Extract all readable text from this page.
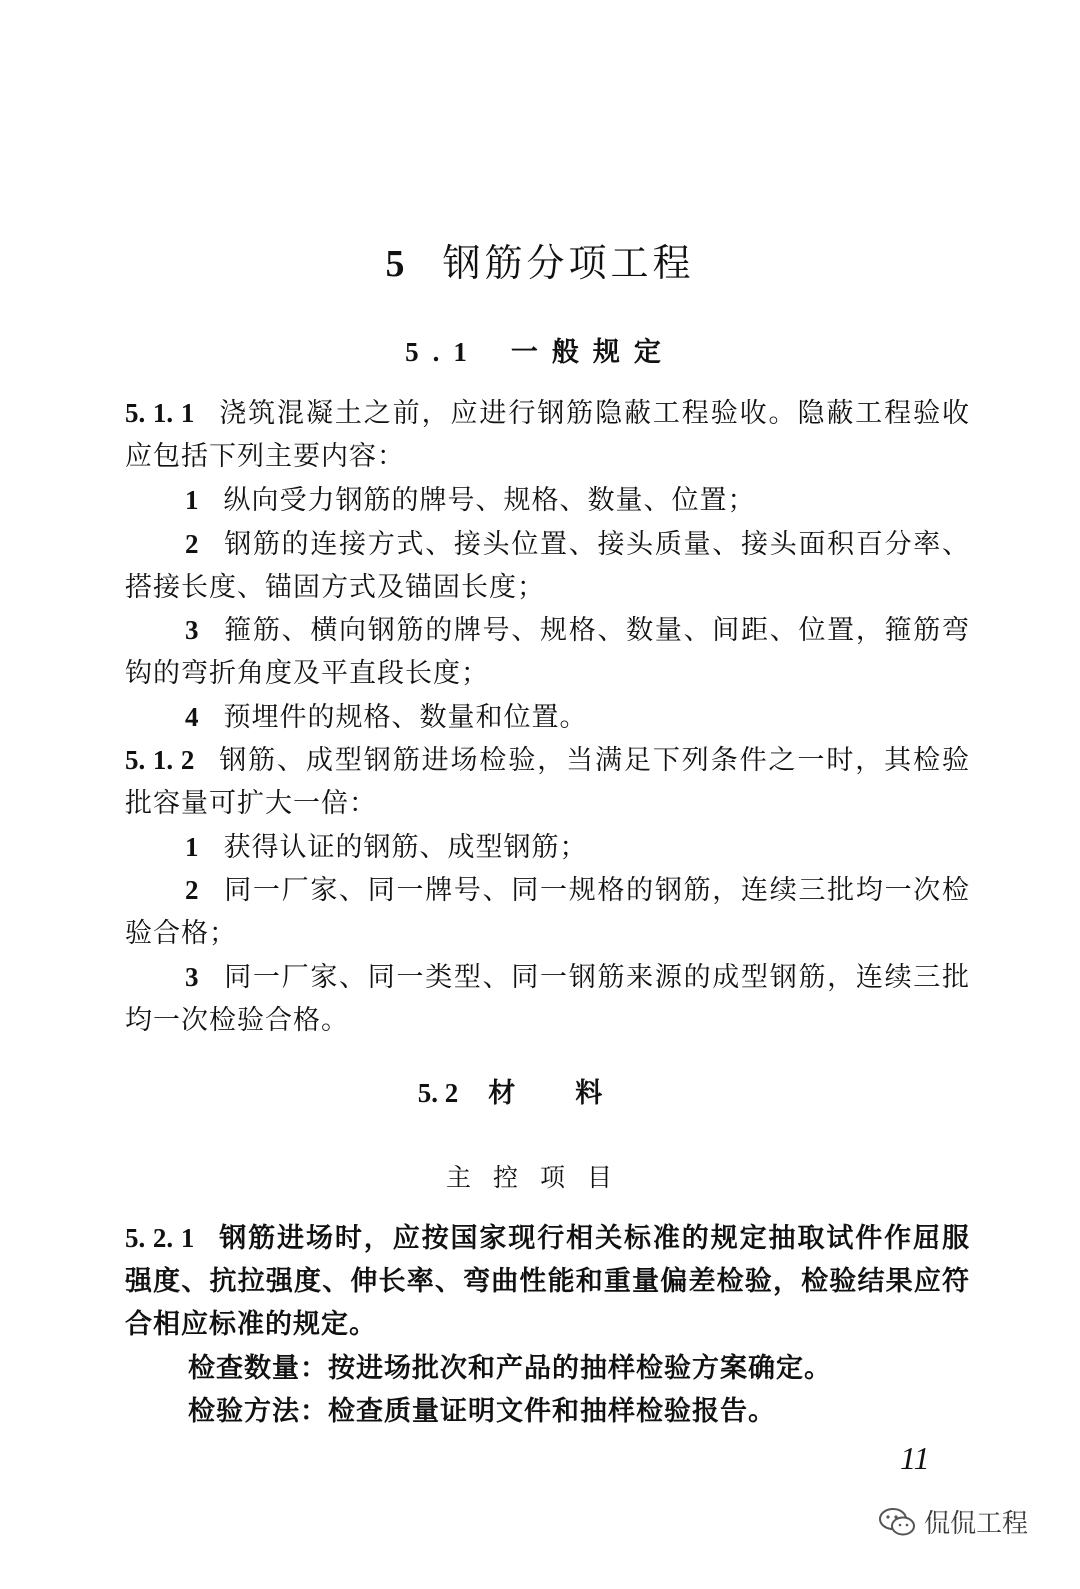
5 钢筋分项工程
5.1 一般规定
5. 1. 1 浇筑混凝土之前，应进行钢筋隐蔽工程验收。隐蔽工程验收应包括下列主要内容：
1 纵向受力钢筋的牌号、规格、数量、位置；
2 钢筋的连接方式、接头位置、接头质量、接头面积百分率、搭接长度、锚固方式及锚固长度；
3 箍筋、横向钢筋的牌号、规格、数量、间距、位置，箍筋弯钩的弯折角度及平直段长度；
4 预埋件的规格、数量和位置。
5. 1. 2 钢筋、成型钢筋进场检验，当满足下列条件之一时，其检验批容量可扩大一倍：
1 获得认证的钢筋、成型钢筋；
2 同一厂家、同一牌号、同一规格的钢筋，连续三批均一次检验合格；
3 同一厂家、同一类型、同一钢筋来源的成型钢筋，连续三批均一次检验合格。
5. 2 材料
主控项目
5. 2. 1 钢筋进场时，应按国家现行相关标准的规定抽取试件作屈服强度、抗拉强度、伸长率、弯曲性能和重量偏差检验，检验结果应符合相应标准的规定。
检查数量：按进场批次和产品的抽样检验方案确定。
检验方法：检查质量证明文件和抽样检验报告。
11
侃侃工程
